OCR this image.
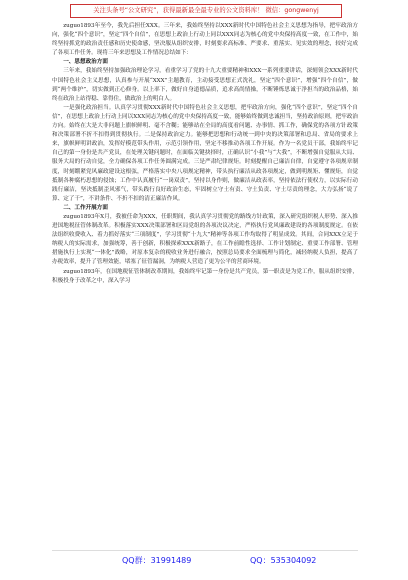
关注头条号“公文研究”，获得最新最全最专业的公文资料库！ 微信：gongwenyj

zuguo1893年至今，我先后担任XXX。三年来，我始终坚持以XXX新时代中国特色社会主义思想为指导，把牢政治方向，强化“四个意识”，坚定“四个自信”，在思想上政治上行动上同以XXX同志为核心的党中央保持高度一致，在工作中，始终坚持抓党的政治责任感和历史使命感，坚决服从组织安排，时刻要求高标准、严要求、重落实、见实效的理念，较好完成了各项工作任务。现将三年来思想及工作情况总结如下：

一、思想政治方面

三年来，我始终坚持加强政治理论学习，看重学习了党的十九大重要精神和XXX一系列重要讲话，深刻领会XXX新时代中国特色社会主义思想，认真参与开展“XXX”主题教育，主动接受思想正式洗礼，坚定“四个意识”，增强“四个自信”，做到“两个维护”，切实做到正心修身。以上率下，做好自身道德品质，追求高尚情操，不断锤炼思诚于净担当的政治品格，始终在政治上站得稳、靠得住，做政治上的明白人。

一是强化政治担当。认真学习贯彻XXX新时代中国特色社会主义思想，把牢政治方向，强化“四个意识”，坚定“四个自信”，在思想上政治上行动上同以XXX同志为核心的党中央保持高度一致，能够始终做到忠诚担当，坚持政治原则，把牢政治方向。始终在大是大非问题上旗帜鲜明、毫不含糊；能够站在全局的高度看问题、办事情、抓工作，确保党的各项方针政策和决策部署不折不扣得到贯彻执行。二是保持政治定力。能够把思想和行动统一到中央的决策部署和总局、省局的要求上来，旗帜鲜明讲政治，发挥好模范带头作用，示范引领作用，坚定不移推动各项工作开展。作为一名党员干部，我始终牢记自己的第一身份是共产党员，在处理关键问题时，在面临关键抉择时，正确认识“小我”与“大我”，不断增强自觉服从大局、服务大局的行动自觉，全力确保各项工作任务圆满完成。三是严肃纪律规矩。时刻提醒自己廉洁自律，自觉遵守各项规章制度，时刻绷紧党风廉政建设这根弦，严格落实中央八项规定精神，带头执行廉洁从政各项规定，做到明规矩、懂规矩，自觉抵制各种腐朽思想的侵蚀；工作中认真履行“一岗双责”，坚持以身作则，做廉洁从政表率，坚持依法行使权力，以实际行动践行廉洁，坚决抵制歪风邪气，带头践行良好政治生态，牢固树立守土有责、守土负责、守土尽责的理念，大力弘扬“说了算、定了干”，不讲条件、不折不扣的清正廉洁作风。

二、工作开展方面

zuguo1893年X月，我被任命为XXX，任职期间，我认真学习贯彻党的路线方针政策，深入研究组织税人形势、深入推进国地税征管体制改革。积极落实XXX决策部署和区局党组的各项决议决定，严格执行党风廉政建设的各项制度规定。在依法组织收费收入、着力抓好落实“三项制度”，学习贯彻“十九大”精神等各项工作均取得了明显成效。其间，合同XXX立足于纳税人的实际需求，加强统筹，善于创新，积极探索XXX新路子，在工作前瞻性选择、工作计划制定、重要工作部署、管理措施执行上实现“一体化”战略，对原本复杂的税收业务进行融合，按照总局要求全面梳理与简化，减轻纳税人负担，提高了办税效率，提升了管理效能，堵塞了征管漏洞，为纳税人营造了更为公平的营商环境。

zuguo1893年，在国地税征管体制改革期间，我始终牢记第一身份是共产党员，第一职责是为党工作，服从组织安排，积极投身于改革之中，深入学习

QQ群：31991489	QQ：535304092
